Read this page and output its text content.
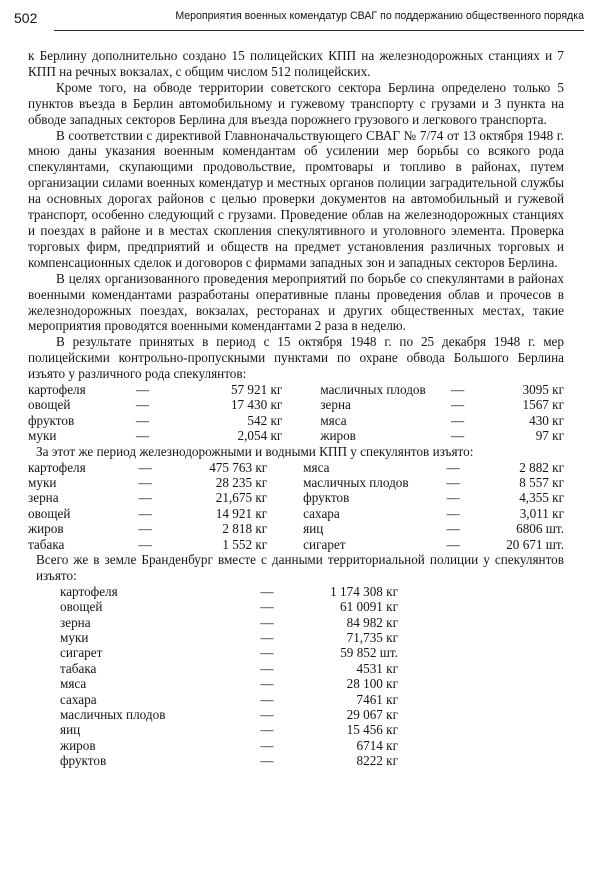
502	Мероприятия военных комендатур СВАГ по поддержанию общественного порядка

к Берлину дополнительно создано 15 полицейских КПП на железнодорожных станциях и 7 КПП на речных вокзалах, с общим числом 512 полицейских.

Кроме того, на обводе территории советского сектора Берлина определено только 5 пунктов въезда в Берлин автомобильному и гужевому транспорту с грузами и 3 пункта на обводе западных секторов Берлина для въезда порожнего грузового и легкового транспорта.

В соответствии с директивой Главноначальствующего СВАГ № 7/74 от 13 октября 1948 г. мною даны указания военным комендантам об усилении мер борьбы со всякого рода спекулянтами, скупающими продовольствие, промтовары и топливо в районах, путем организации силами военных комендатур и местных органов полиции заградительной службы на основных дорогах районов с целью проверки документов на автомобильный и гужевой транспорт, особенно следующий с грузами. Проведение облав на железнодорожных станциях и поездах в районе и в местах скопления спекулятивного и уголовного элемента. Проверка торговых фирм, предприятий и обществ на предмет установления различных торговых и компенсационных сделок и договоров с фирмами западных зон и западных секторов Берлина.

В целях организованного проведения мероприятий по борьбе со спекулянтами в районах военными комендантами разработаны оперативные планы проведения облав и прочесов в железнодорожных поездах, вокзалах, ресторанах и других общественных местах, такие мероприятия проводятся военными комендантами 2 раза в неделю.

В результате принятых в период с 15 октября 1948 г. по 25 декабря 1948 г. мер полицейскими контрольно-пропускными пунктами по охране обвода Большого Берлина изъято у различного рода спекулянтов:

картофеля	—	57 921 кг	масличных плодов	—	3095 кг
овощей	—	17 430 кг	зерна	—	1567 кг
фруктов	—	542 кг	мяса	—	430 кг
муки	—	2,054 кг	жиров	—	97 кг

За этот же период железнодорожными и водными КПП у спекулянтов изъято:

картофеля	—	475 763 кг	мяса	—	2 882 кг
муки	—	28 235 кг	масличных плодов	—	8 557 кг
зерна	—	21,675 кг	фруктов	—	4,355 кг
овощей	—	14 921 кг	сахара	—	3,011 кг
жиров	—	2 818 кг	яиц	—	6806 шт.
табака	—	1 552 кг	сигарет	—	20 671 шт.

Всего же в земле Бранденбург вместе с данными территориальной полиции у спекулянтов изъято:

картофеля	—	1 174 308 кг
овощей	—	61 0091 кг
зерна	—	84 982 кг
муки	—	71,735 кг
сигарет	—	59 852 шт.
табака	—	4531 кг
мяса	—	28 100 кг
сахара	—	7461 кг
масличных плодов	—	29 067 кг
яиц	—	15 456 кг
жиров	—	6714 кг
фруктов	—	8222 кг
